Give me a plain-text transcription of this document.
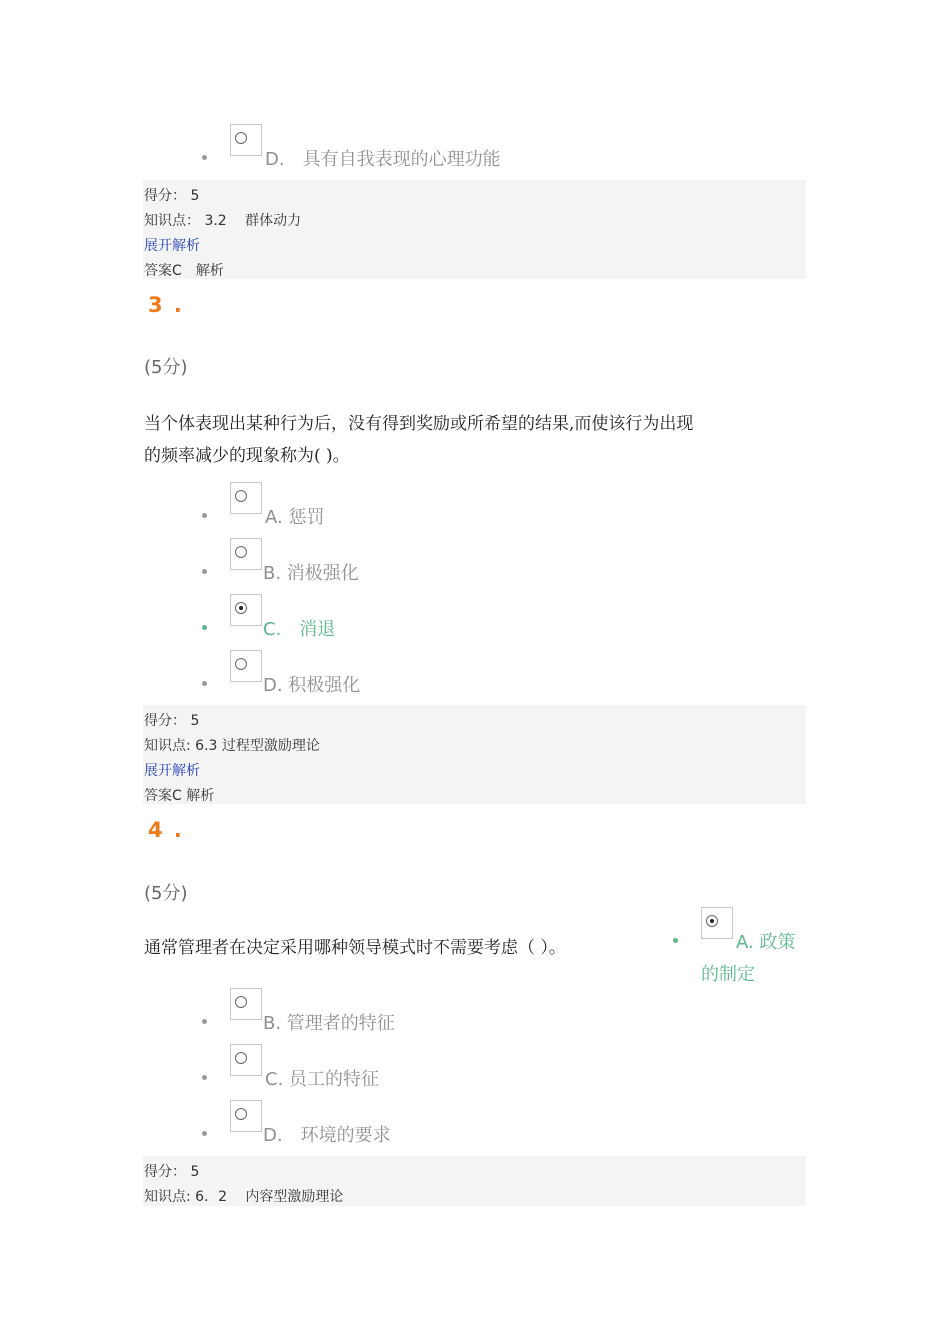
D.　具有自我表现的心理功能
得分： 5
知识点： 3.2 　群体动力
展开解析
答案C　解析
3 .
(5分)
当个体表现出某种行为后，没有得到奖励或所希望的结果,而使该行为出现
的频率减少的现象称为( )。
A. 惩罚
B. 消极强化
C.　消退
D. 积极强化
得分： 5
知识点: 6.3 过程型激励理论
展开解析
答案C 解析
4 .
(5分)
通常管理者在决定采用哪种领导模式时不需要考虑（ ）。	A. 政策
的制定
B. 管理者的特征
C. 员工的特征
D.　环境的要求
得分： 5
知识点: 6．2 　内容型激励理论
